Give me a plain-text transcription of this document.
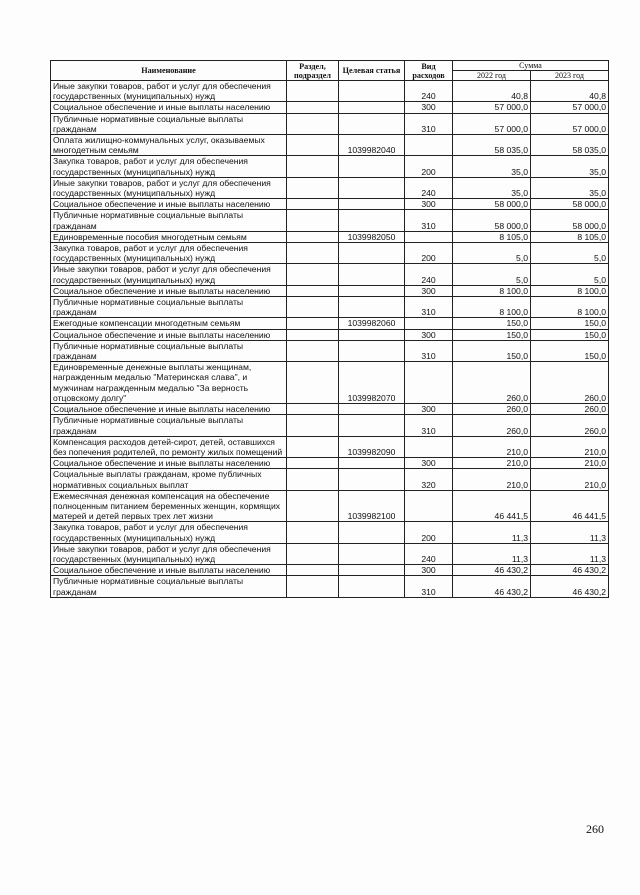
Наименование	Раздел, подраздел	Целевая статья	Вид расходов	Сумма	
				2022 год	2023 год
Иные закупки товаров, работ и услуг для обеспечения государственных (муниципальных) нужд			240	40,8	40,8
Социальное обеспечение и иные выплаты населению			300	57 000,0	57 000,0
Публичные нормативные социальные выплаты гражданам			310	57 000,0	57 000,0
Оплата жилищно-коммунальных услуг, оказываемых многодетным семьям		1039982040		58 035,0	58 035,0
Закупка товаров, работ и услуг для обеспечения государственных (муниципальных) нужд			200	35,0	35,0
Иные закупки товаров, работ и услуг для обеспечения государственных (муниципальных) нужд			240	35,0	35,0
Социальное обеспечение и иные выплаты населению			300	58 000,0	58 000,0
Публичные нормативные социальные выплаты гражданам			310	58 000,0	58 000,0
Единовременные пособия многодетным семьям		1039982050		8 105,0	8 105,0
Закупка товаров, работ и услуг для обеспечения государственных (муниципальных) нужд			200	5,0	5,0
Иные закупки товаров, работ и услуг для обеспечения государственных (муниципальных) нужд			240	5,0	5,0
Социальное обеспечение и иные выплаты населению			300	8 100,0	8 100,0
Публичные нормативные социальные выплаты гражданам			310	8 100,0	8 100,0
Ежегодные компенсации многодетным семьям		1039982060		150,0	150,0
Социальное обеспечение и иные выплаты населению			300	150,0	150,0
Публичные нормативные социальные выплаты гражданам			310	150,0	150,0
Единовременные денежные выплаты женщинам, награжденным медалью "Материнская слава", и мужчинам награжденным медалью "За верность отцовскому долгу"		1039982070		260,0	260,0
Социальное обеспечение и иные выплаты населению			300	260,0	260,0
Публичные нормативные социальные выплаты гражданам			310	260,0	260,0
Компенсация расходов детей-сирот, детей, оставшихся без попечения родителей, по ремонту жилых помещений		1039982090		210,0	210,0
Социальное обеспечение и иные выплаты населению			300	210,0	210,0
Социальные выплаты гражданам, кроме публичных нормативных социальных выплат			320	210,0	210,0
Ежемесячная денежная компенсация на обеспечение полноценным питанием беременных женщин, кормящих матерей и детей первых трех лет жизни		1039982100		46 441,5	46 441,5
Закупка товаров, работ и услуг для обеспечения государственных (муниципальных) нужд			200	11,3	11,3
Иные закупки товаров, работ и услуг для обеспечения государственных (муниципальных) нужд			240	11,3	11,3
Социальное обеспечение и иные выплаты населению			300	46 430,2	46 430,2
Публичные нормативные социальные выплаты гражданам			310	46 430,2	46 430,2
260
